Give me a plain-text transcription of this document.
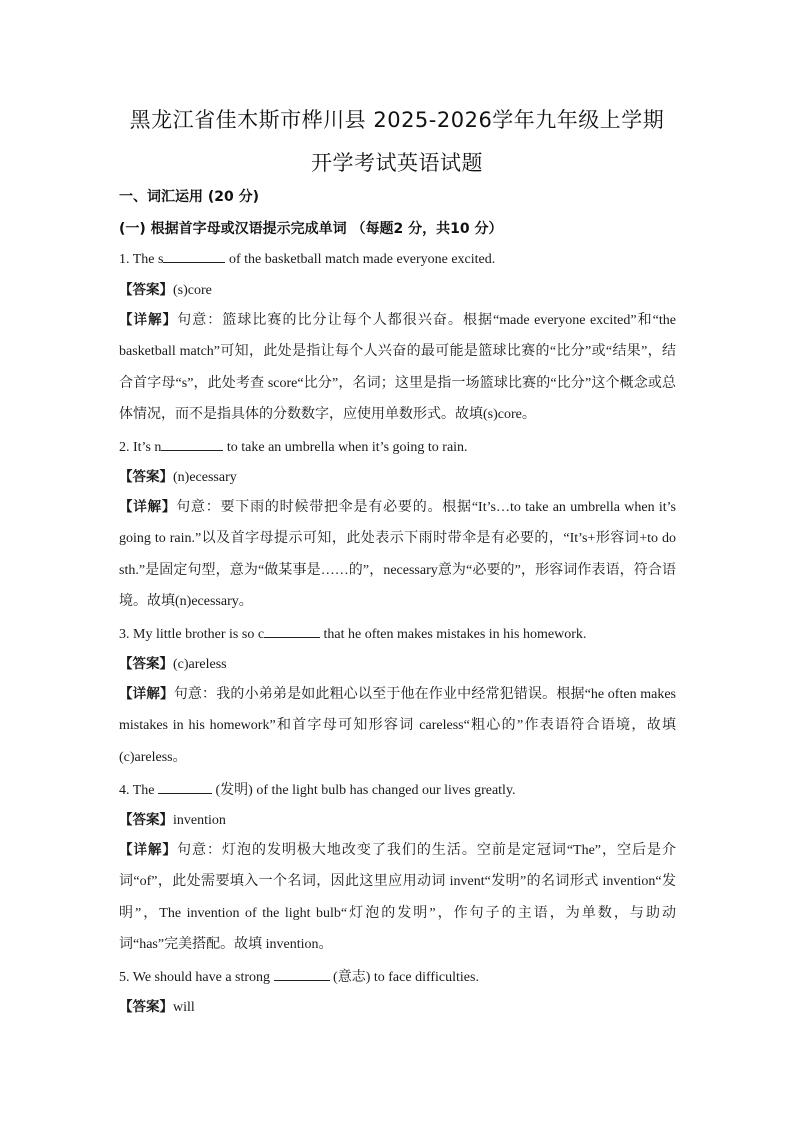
黑龙江省佳木斯市桦川县 2025-2026学年九年级上学期
开学考试英语试题
一、词汇运用 (20 分)
(一) 根据首字母或汉语提示完成单词 （每题2 分，共10 分）
1. The s	of the basketball match made everyone excited.
【答案】(s)core
【详解】句意：篮球比赛的比分让每个人都很兴奋。根据“made everyone excited”和“the basketball match”可知，此处是指让每个人兴奋的最可能是篮球比赛的“比分”或“结果”，结合首字母“s”，此处考查 score“比分”，名词；这里是指一场篮球比赛的“比分”这个概念或总体情况，而不是指具体的分数数字，应使用单数形式。故填(s)core。
2. It’s n	to take an umbrella when it’s going to rain.
【答案】(n)ecessary
【详解】句意：要下雨的时候带把伞是有必要的。根据“It’s…to take an umbrella when it’s going to rain.”以及首字母提示可知，此处表示下雨时带伞是有必要的，“It’s+形容词+to do sth.”是固定句型，意为“做某事是……的”，necessary意为“必要的”，形容词作表语，符合语境。故填(n)ecessary。
3. My little brother is so c	that he often makes mistakes in his homework.
【答案】(c)areless
【详解】句意：我的小弟弟是如此粗心以至于他在作业中经常犯错误。根据“he often makes mistakes in his homework”和首字母可知形容词 careless“粗心的”作表语符合语境，故填(c)areless。
4. The	(发明) of the light bulb has changed our lives greatly.
【答案】invention
【详解】句意：灯泡的发明极大地改变了我们的生活。空前是定冠词“The”，空后是介词“of”，此处需要填入一个名词，因此这里应用动词 invent“发明”的名词形式 invention“发明”，The invention of the light bulb“灯泡的发明”，作句子的主语，为单数，与助动词“has”完美搭配。故填 invention。
5. We should have a strong	(意志) to face difficulties.
【答案】will
